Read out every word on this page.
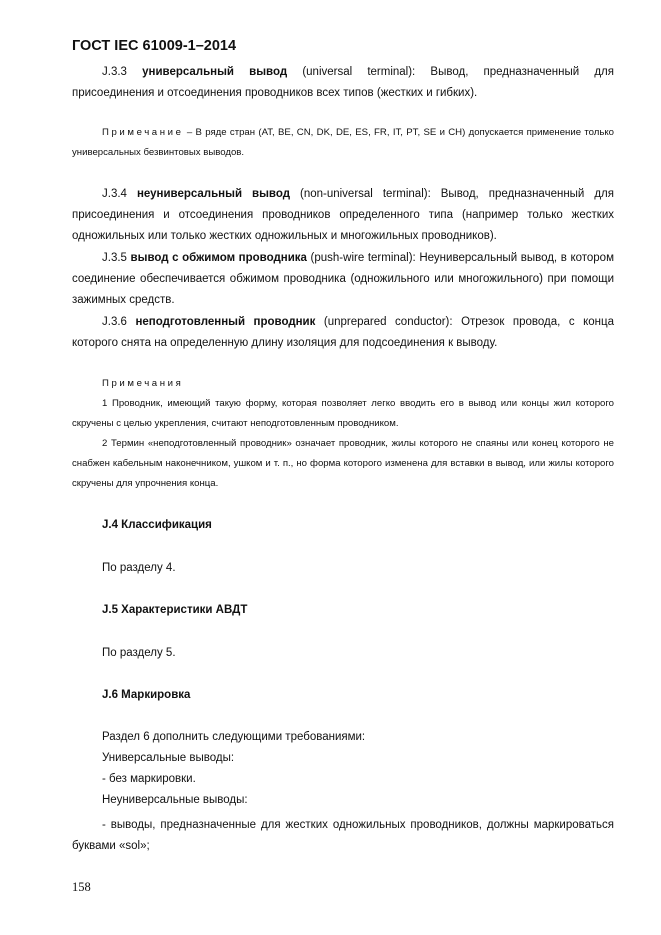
ГОСТ IEC 61009-1–2014

J.3.3 универсальный вывод (universal terminal): Вывод, предназначенный для присоединения и отсоединения проводников всех типов (жестких и гибких).

Примечание – В ряде стран (AT, BE, CN, DK, DE, ES, FR, IT, PT, SE и CH) допускается применение только универсальных безвинтовых выводов.

J.3.4 неуниверсальный вывод (non-universal terminal): Вывод, предназначенный для присоединения и отсоединения проводников определенного типа (например только жестких одножильных или только жестких одножильных и многожильных проводников).

J.3.5 вывод с обжимом проводника (push-wire terminal): Неуниверсальный вывод, в котором соединение обеспечивается обжимом проводника (одножильного или многожильного) при помощи зажимных средств.

J.3.6 неподготовленный проводник (unprepared conductor): Отрезок провода, с конца которого снята на определенную длину изоляция для подсоединения к выводу.

Примечания

1 Проводник, имеющий такую форму, которая позволяет легко вводить его в вывод или концы жил которого скручены с целью укрепления, считают неподготовленным проводником.

2 Термин «неподготовленный проводник» означает проводник, жилы которого не спаяны или конец которого не снабжен кабельным наконечником, ушком и т. п., но форма которого изменена для вставки в вывод, или жилы которого скручены для упрочнения конца.

J.4 Классификация
По разделу 4.
J.5 Характеристики АВДТ
По разделу 5.
J.6 Маркировка
Раздел 6 дополнить следующими требованиями:
Универсальные выводы:
- без маркировки.
Неуниверсальные выводы:

- выводы, предназначенные для жестких одножильных проводников, должны маркироваться буквами «sol»;

158
